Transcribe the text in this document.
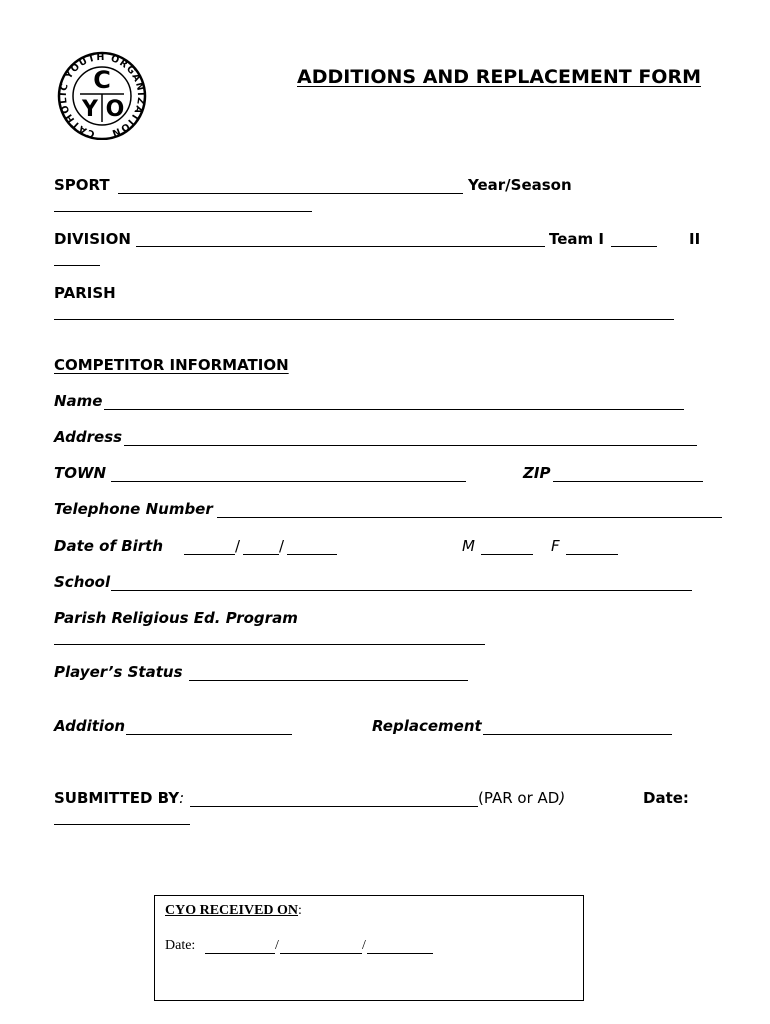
CATHOLIC YOUTH ORGANIZATION
C
Y O
ADDITIONS AND REPLACEMENT FORM
SPORT	Year/Season
DIVISION	Team I	II
PARISH
COMPETITOR INFORMATION
Name
Address
TOWN	ZIP
Telephone Number
Date of Birth	/	/	M	F
School
Parish Religious Ed. Program
Player’s Status
Addition	Replacement
SUBMITTED BY:	(PAR or AD)	Date:
CYO RECEIVED ON:
Date:	/	/
